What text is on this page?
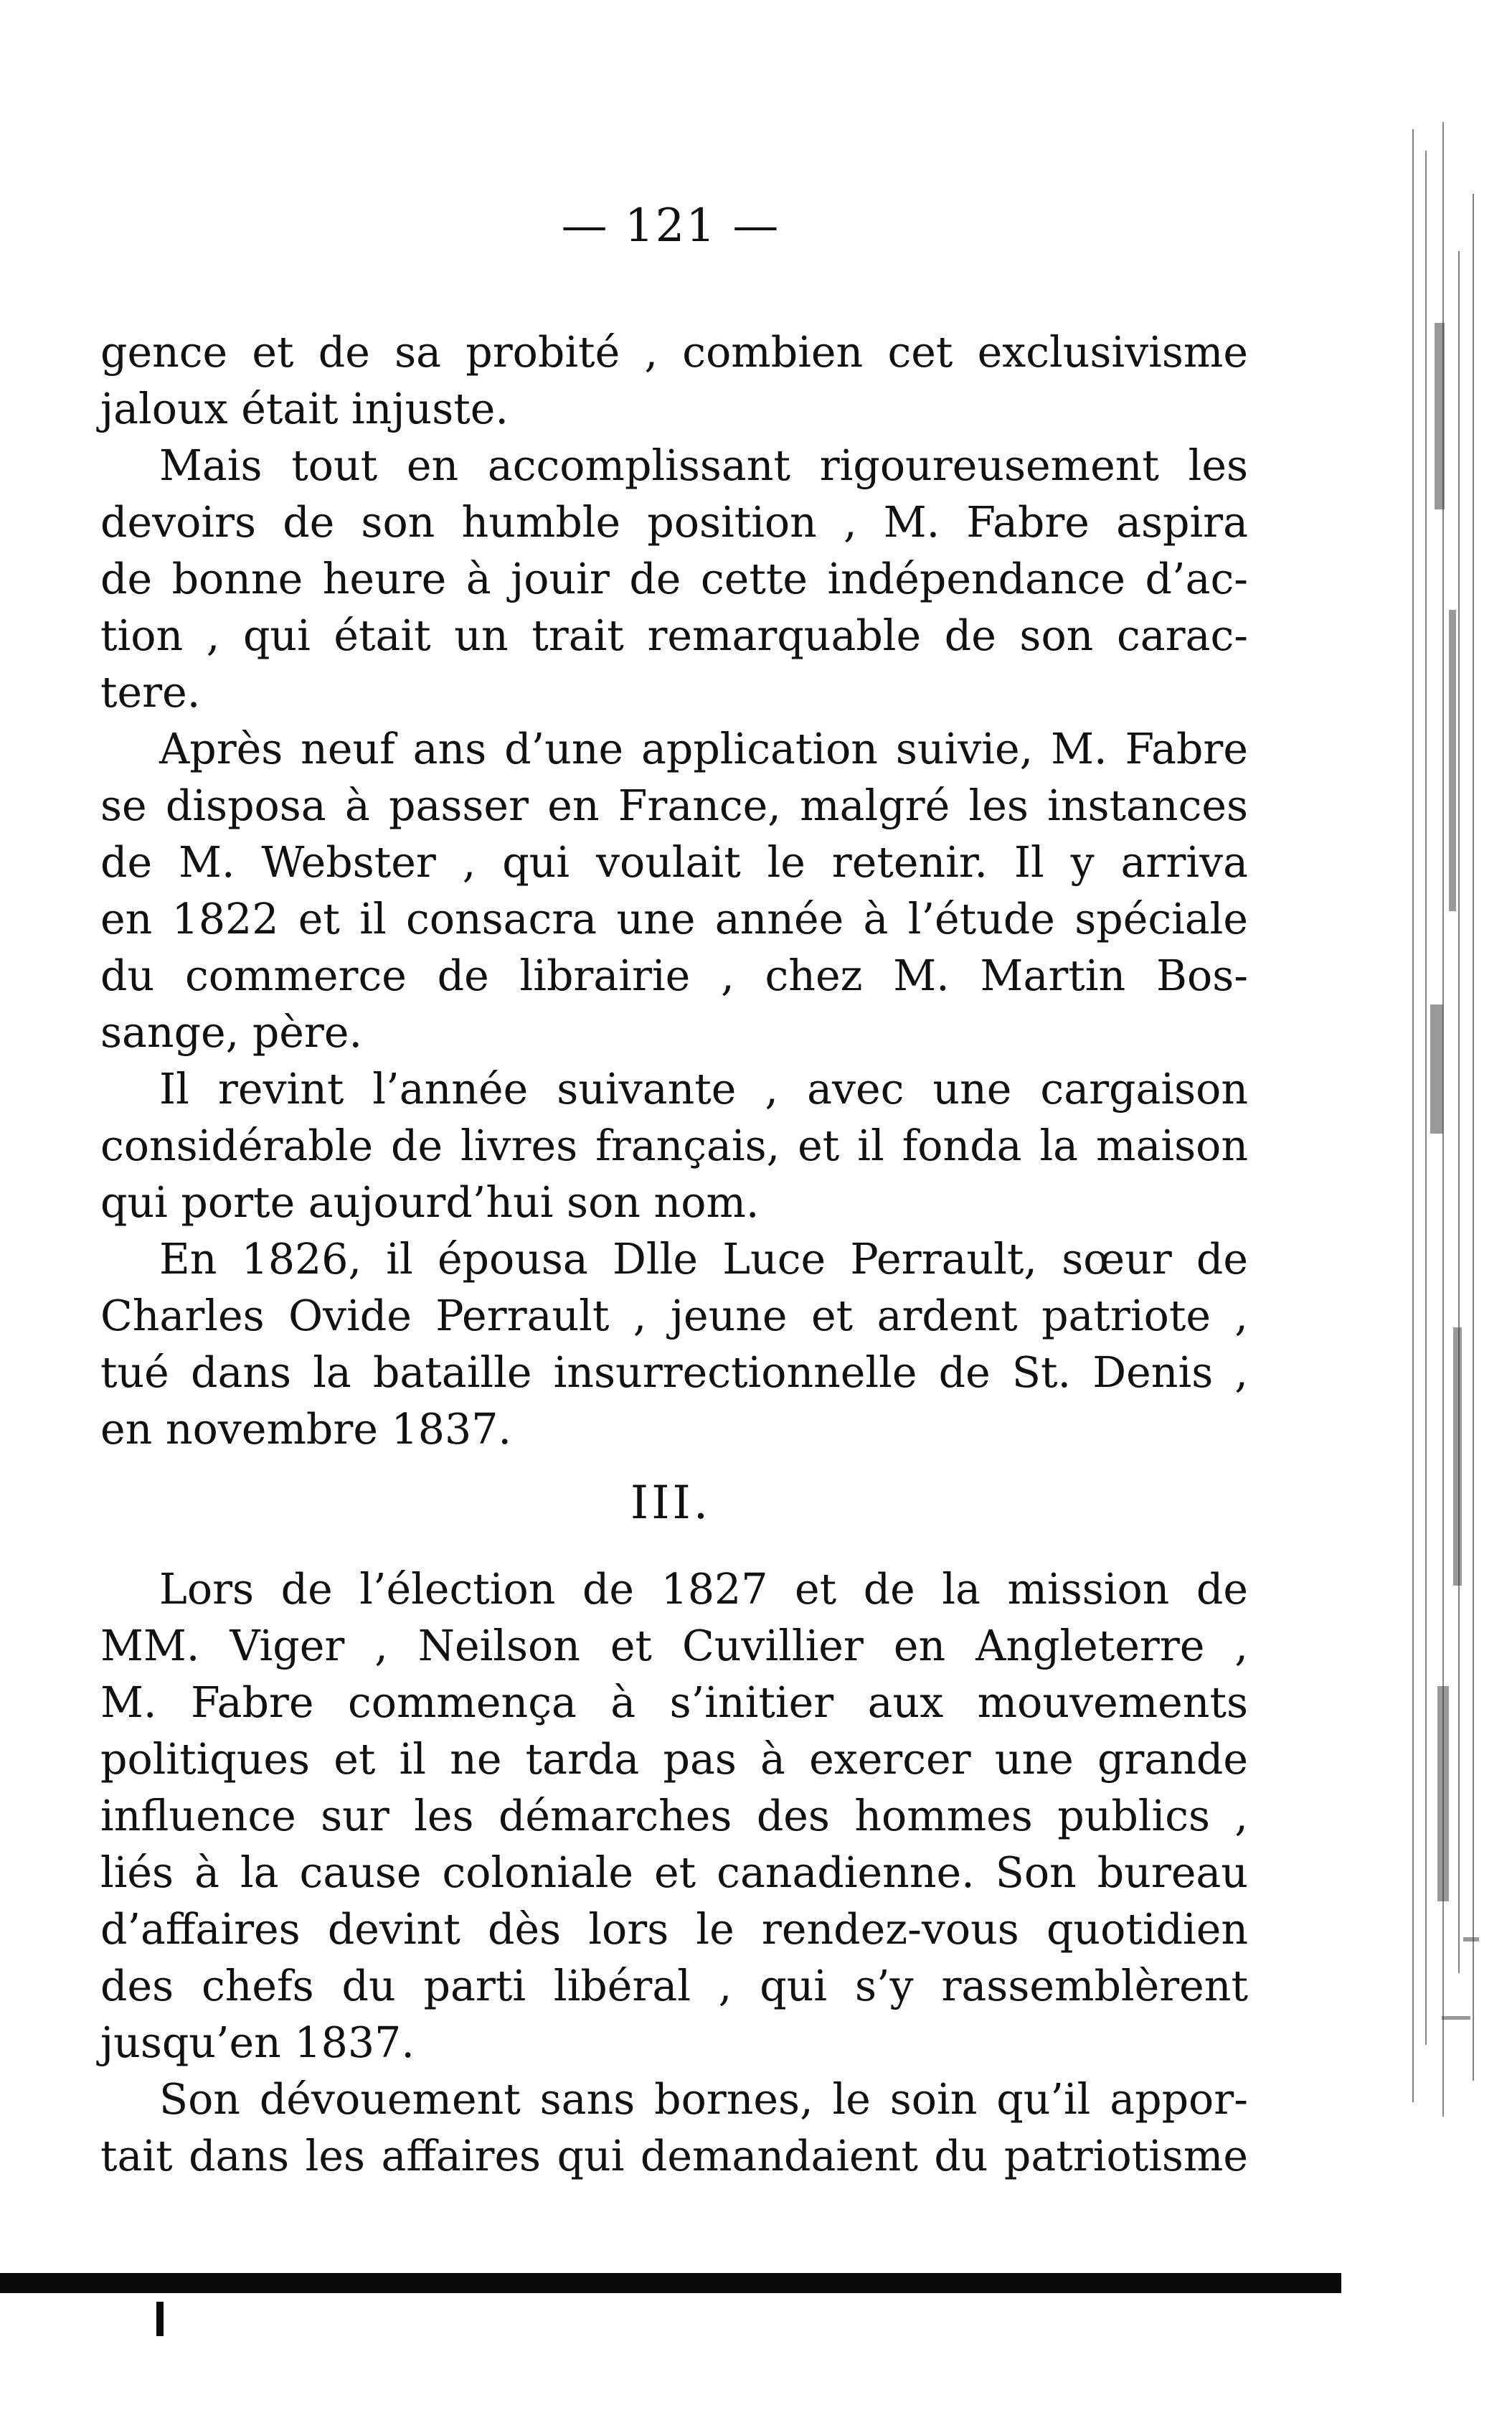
— 121 —
gence et de sa probité , combien cet exclusivisme
jaloux était injuste.
Mais tout en accomplissant rigoureusement les
devoirs de son humble position , M. Fabre aspira
de bonne heure à jouir de cette indépendance d’ac-
tion , qui était un trait remarquable de son carac-
tere.
Après neuf ans d’une application suivie, M. Fabre
se disposa à passer en France, malgré les instances
de M. Webster , qui voulait le retenir. Il y arriva
en 1822 et il consacra une année à l’étude spéciale
du commerce de librairie , chez M. Martin Bos-
sange, père.
Il revint l’année suivante , avec une cargaison
considérable de livres français, et il fonda la maison
qui porte aujourd’hui son nom.
En 1826, il épousa Dlle Luce Perrault, sœur de
Charles Ovide Perrault , jeune et ardent patriote ,
tué dans la bataille insurrectionnelle de St. Denis ,
en novembre 1837.
III.
Lors de l’élection de 1827 et de la mission de
MM. Viger , Neilson et Cuvillier en Angleterre ,
M. Fabre commença à s’initier aux mouvements
politiques et il ne tarda pas à exercer une grande
influence sur les démarches des hommes publics ,
liés à la cause coloniale et canadienne. Son bureau
d’affaires devint dès lors le rendez-vous quotidien
des chefs du parti libéral , qui s’y rassemblèrent
jusqu’en 1837.
Son dévouement sans bornes, le soin qu’il appor-
tait dans les affaires qui demandaient du patriotisme
